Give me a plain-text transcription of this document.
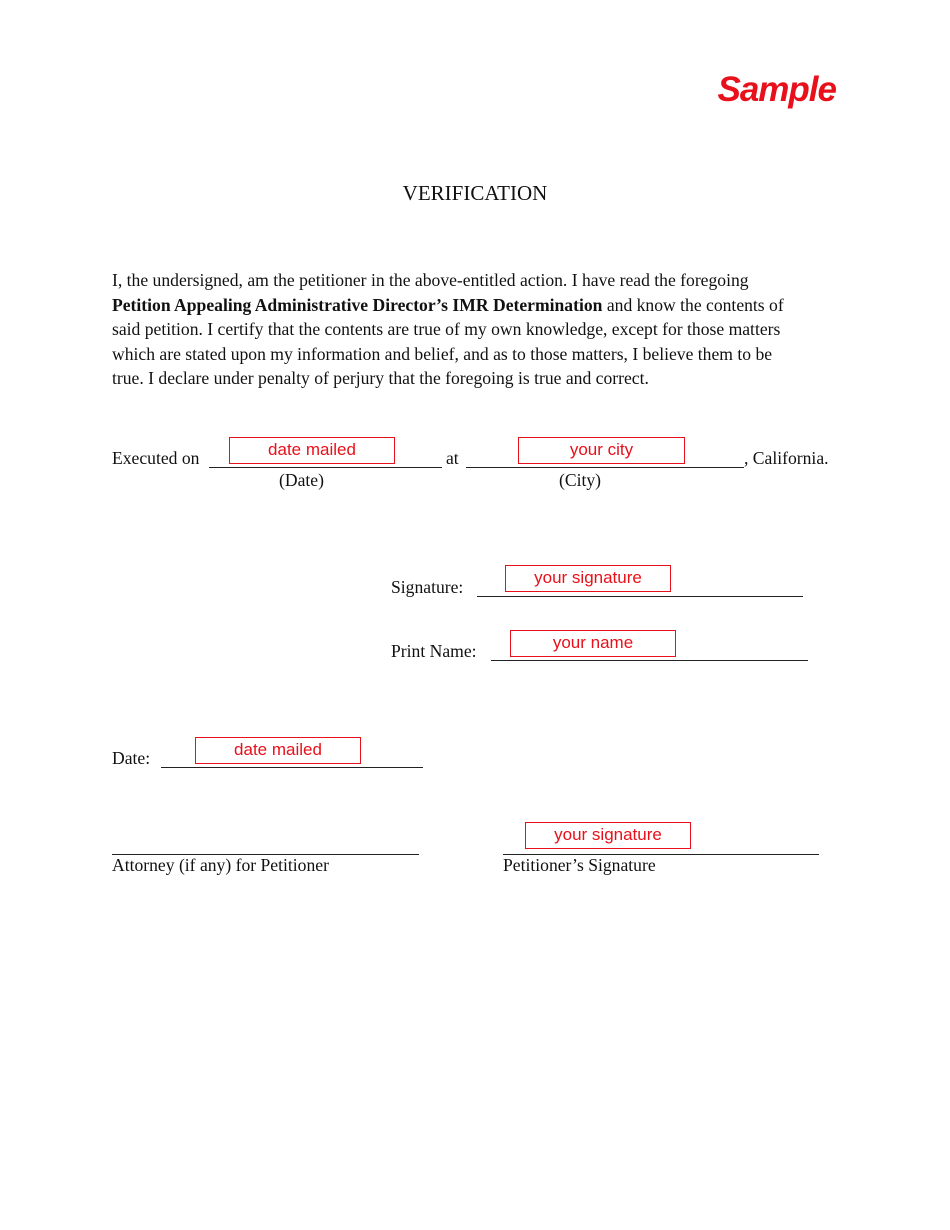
Sample
VERIFICATION
I, the undersigned, am the petitioner in the above-entitled action. I have read the foregoing
Petition Appealing Administrative Director’s IMR Determination and know the contents of
said petition. I certify that the contents are true of my own knowledge, except for those matters
which are stated upon my information and belief, and as to those matters, I believe them to be
true. I declare under penalty of perjury that the foregoing is true and correct.
Executed on	date mailed	at	your city	, California.
(Date)	(City)
Signature:	your signature
Print Name:	your name
Date:	date mailed
Attorney (if any) for Petitioner
your signature
Petitioner’s Signature
